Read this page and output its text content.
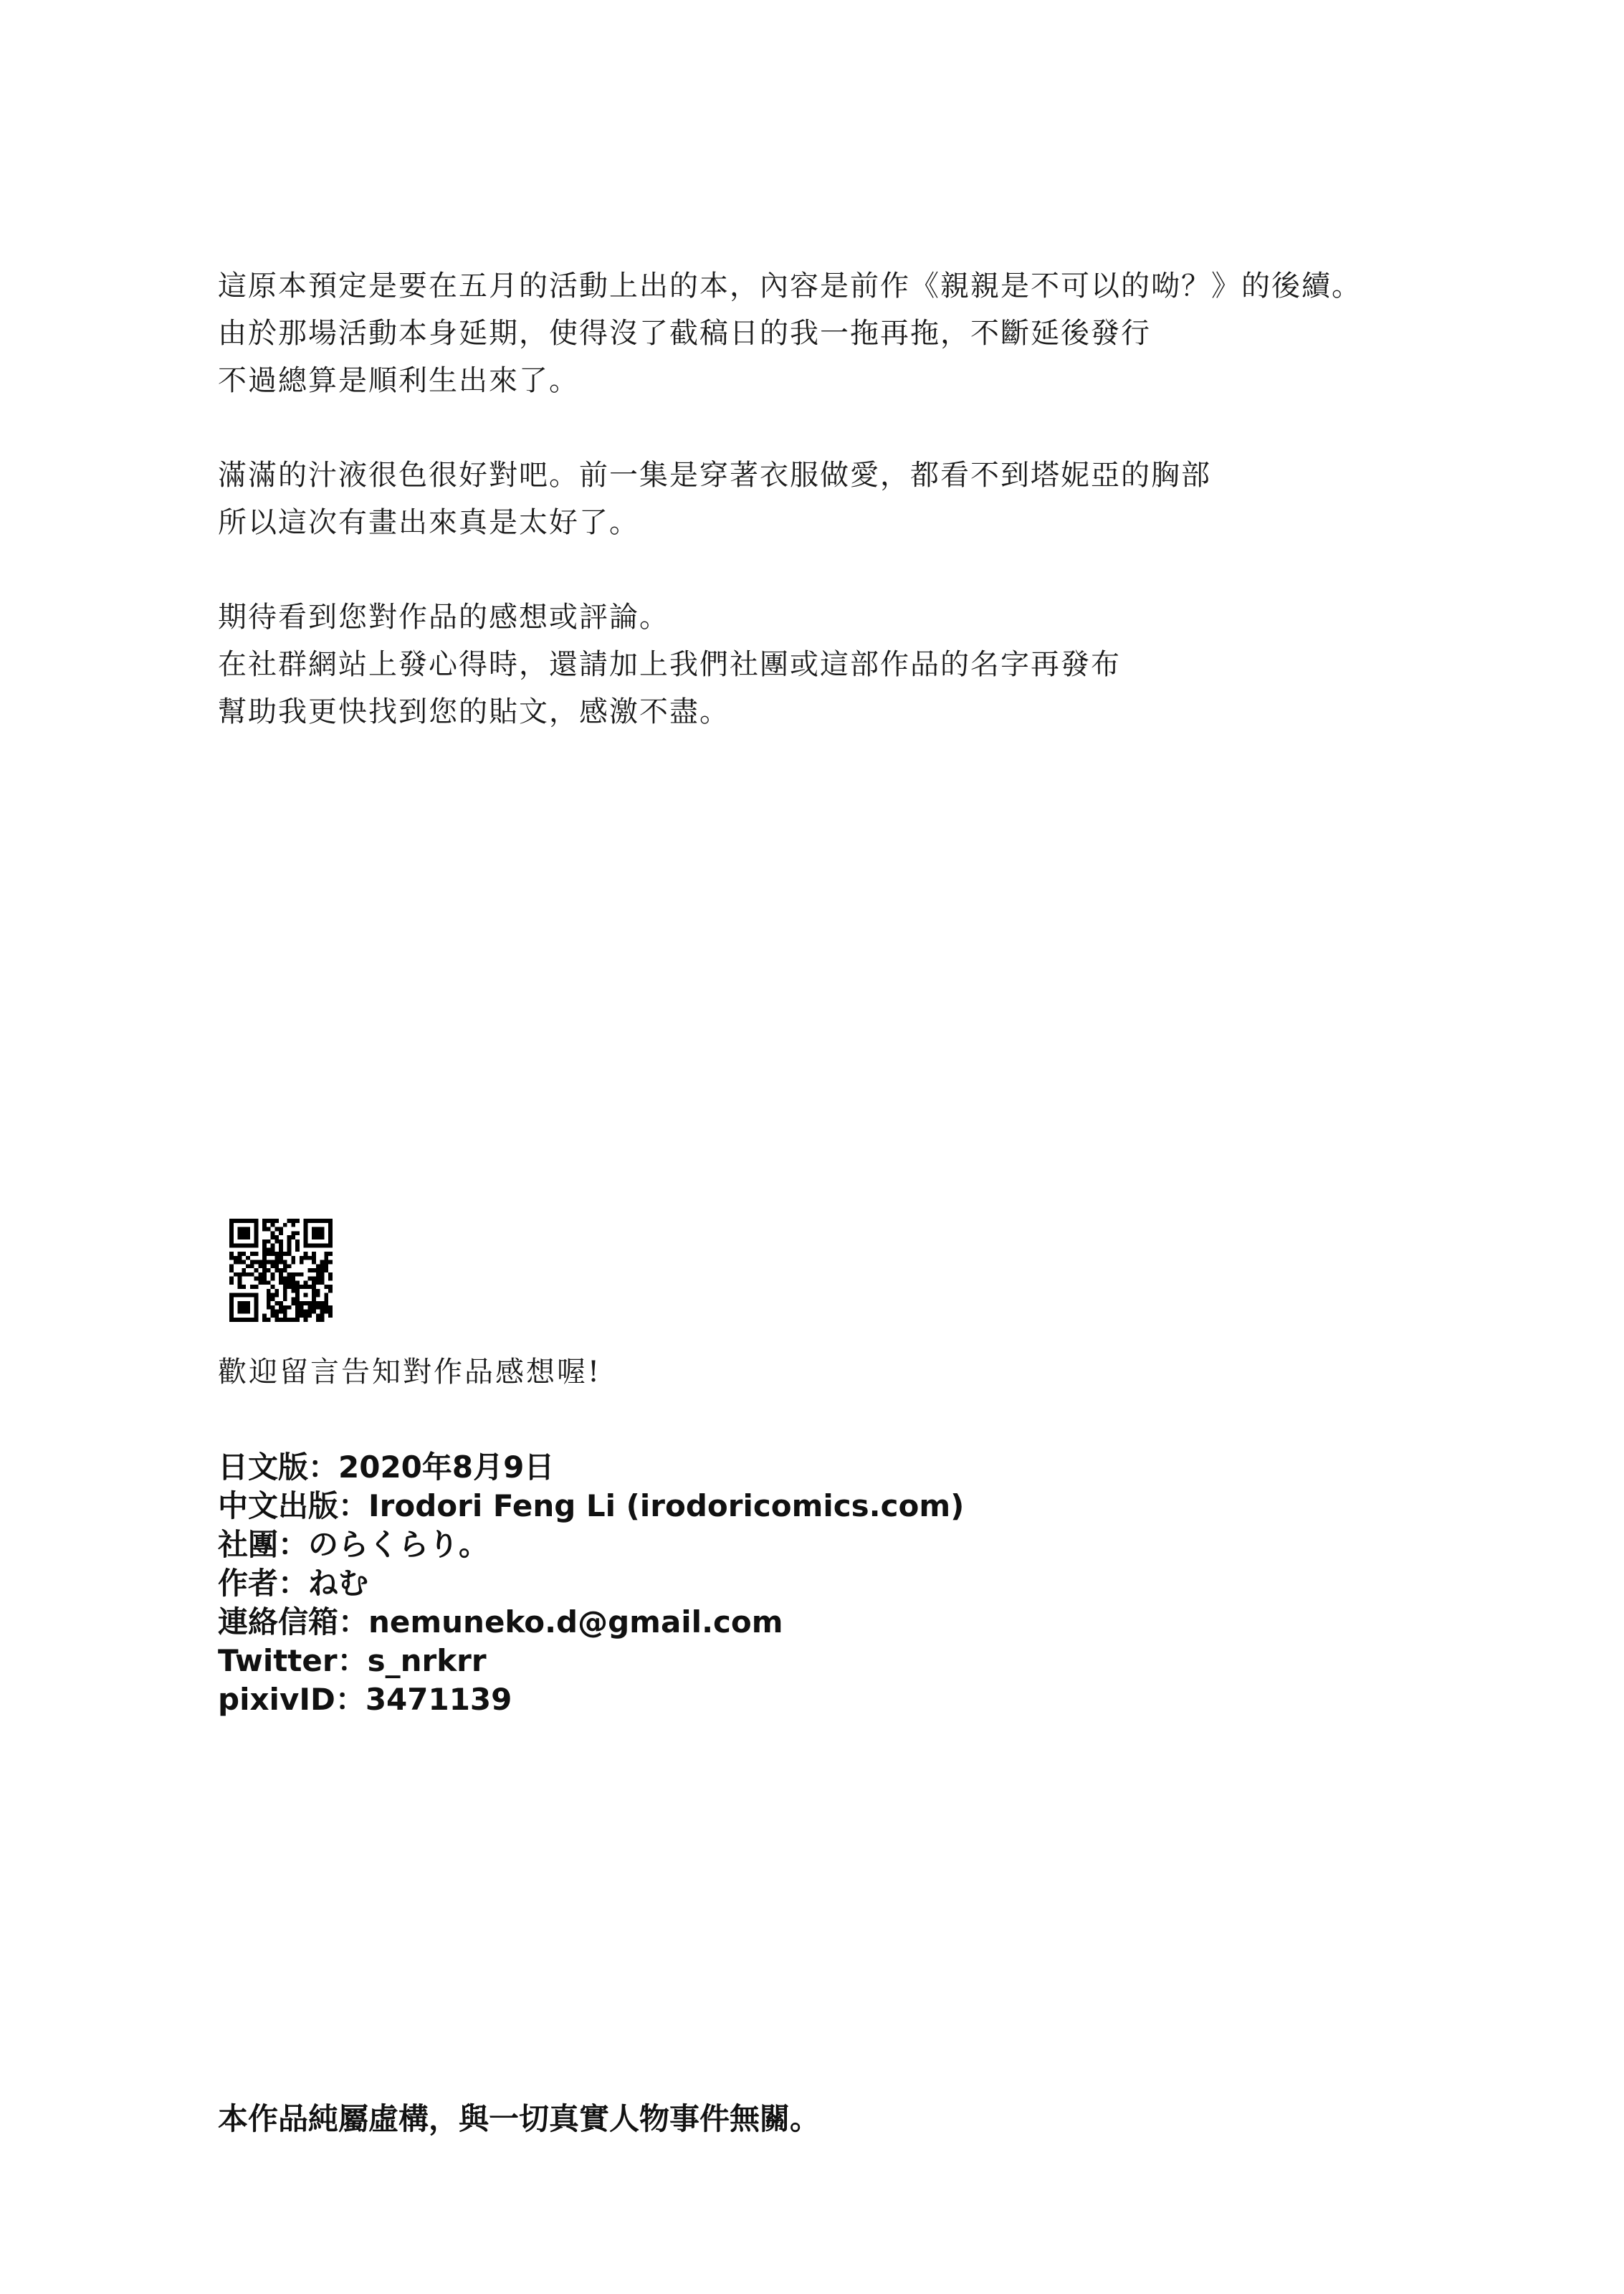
這原本預定是要在五月的活動上出的本，內容是前作《親親是不可以的呦？》的後續。
由於那場活動本身延期，使得沒了截稿日的我一拖再拖，不斷延後發行
不過總算是順利生出來了。

滿滿的汁液很色很好對吧。前一集是穿著衣服做愛，都看不到塔妮亞的胸部
所以這次有畫出來真是太好了。

期待看到您對作品的感想或評論。
在社群網站上發心得時，還請加上我們社團或這部作品的名字再發布
幫助我更快找到您的貼文，感激不盡。

歡迎留言告知對作品感想喔!
日文版：2020年8月9日
中文出版：Irodori Feng Li (irodoricomics.com)
社團：のらくらり。
作者：ねむ
連絡信箱：nemuneko.d@gmail.com
Twitter：s_nrkrr
pixivID：3471139
本作品純屬虛構，與一切真實人物事件無關。
